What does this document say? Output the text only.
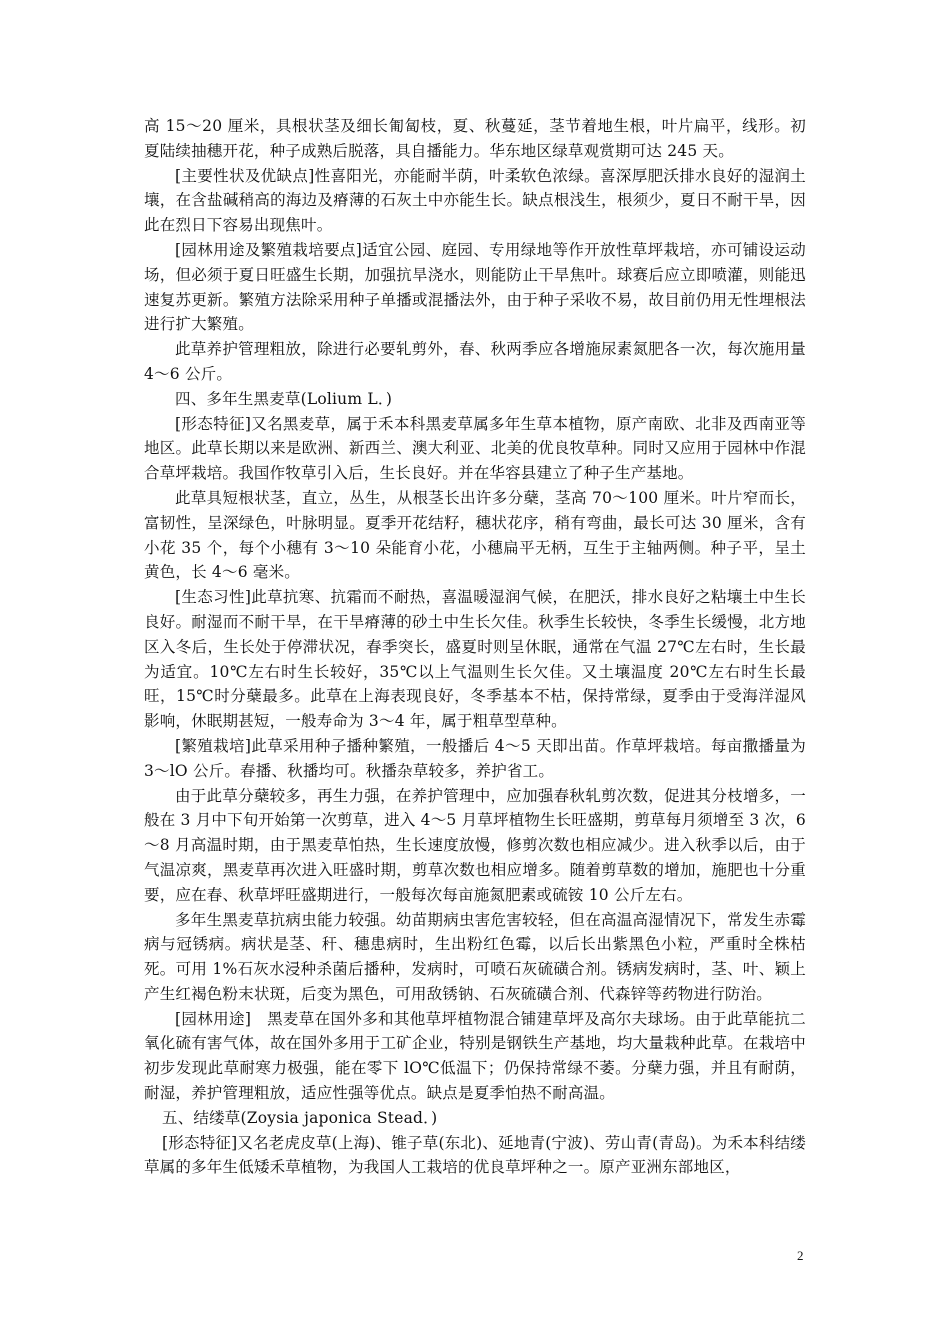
高 15～20 厘米，具根状茎及细长匍匐枝，夏、秋蔓延，茎节着地生根，叶片扁平，线形。初夏陆续抽穗开花，种子成熟后脱落，具自播能力。华东地区绿草观赏期可达 245 天。

[主要性状及优缺点]性喜阳光，亦能耐半荫，叶柔软色浓绿。喜深厚肥沃排水良好的湿润土壤，在含盐碱稍高的海边及瘠薄的石灰土中亦能生长。缺点根浅生，根须少，夏日不耐干旱，因此在烈日下容易出现焦叶。

[园林用途及繁殖栽培要点]适宜公园、庭园、专用绿地等作开放性草坪栽培，亦可铺设运动场，但必须于夏日旺盛生长期，加强抗旱浇水，则能防止干旱焦叶。球赛后应立即喷灌，则能迅速复苏更新。繁殖方法除采用种子单播或混播法外，由于种子采收不易，故目前仍用无性埋根法进行扩大繁殖。

此草养护管理粗放，除进行必要轧剪外，春、秋两季应各增施尿素氮肥各一次，每次施用量 4～6 公斤。

四、多年生黑麦草(Lolium L．)

[形态特征]又名黑麦草，属于禾本科黑麦草属多年生草本植物，原产南欧、北非及西南亚等地区。此草长期以来是欧洲、新西兰、澳大利亚、北美的优良牧草种。同时又应用于园林中作混合草坪栽培。我国作牧草引入后，生长良好。并在华容县建立了种子生产基地。

此草具短根状茎，直立，丛生，从根茎长出许多分蘖，茎高 70～100 厘米。叶片窄而长，富韧性，呈深绿色，叶脉明显。夏季开花结籽，穗状花序，稍有弯曲，最长可达 30 厘米，含有小花 35 个，每个小穗有 3～10 朵能育小花，小穗扁平无柄，互生于主轴两侧。种子平，呈土黄色，长 4～6 毫米。

[生态习性]此草抗寒、抗霜而不耐热，喜温暖湿润气候，在肥沃，排水良好之粘壤土中生长良好。耐湿而不耐干旱，在干旱瘠薄的砂土中生长欠佳。秋季生长较快，冬季生长缓慢，北方地区入冬后，生长处于停滞状况，春季突长，盛夏时则呈休眠，通常在气温 27℃左右时，生长最为适宜。10℃左右时生长较好，35℃以上气温则生长欠佳。又土壤温度 20℃左右时生长最旺，15℃时分蘖最多。此草在上海表现良好，冬季基本不枯，保持常绿，夏季由于受海洋湿风影响，休眠期甚短，一般寿命为 3～4 年，属于粗草型草种。

[繁殖栽培]此草采用种子播种繁殖，一般播后 4～5 天即出苗。作草坪栽培。每亩撒播量为 3～lO 公斤。春播、秋播均可。秋播杂草较多，养护省工。

由于此草分蘖较多，再生力强，在养护管理中，应加强春秋轧剪次数，促进其分枝增多，一般在 3 月中下旬开始第一次剪草，进入 4～5 月草坪植物生长旺盛期，剪草每月须增至 3 次，6～8 月高温时期，由于黑麦草怕热，生长速度放慢，修剪次数也相应减少。进入秋季以后，由于气温凉爽，黑麦草再次进入旺盛时期，剪草次数也相应增多。随着剪草数的增加，施肥也十分重要，应在春、秋草坪旺盛期进行，一般每次每亩施氮肥素或硫铵 10 公斤左右。

多年生黑麦草抗病虫能力较强。幼苗期病虫害危害较轻，但在高温高湿情况下，常发生赤霉病与冠锈病。病状是茎、秆、穗患病时，生出粉红色霉，以后长出紫黑色小粒，严重时全株枯死。可用 1%石灰水浸种杀菌后播种，发病时，可喷石灰硫磺合剂。锈病发病时，茎、叶、颖上产生红褐色粉末状斑，后变为黑色，可用敌锈钠、石灰硫磺合剂、代森锌等药物进行防治。

[园林用途]　黑麦草在国外多和其他草坪植物混合铺建草坪及高尔夫球场。由于此草能抗二氧化硫有害气体，故在国外多用于工矿企业，特别是钢铁生产基地，均大量栽种此草。在栽培中初步发现此草耐寒力极强，能在零下 lO℃低温下；仍保持常绿不萎。分蘖力强，并且有耐荫，耐湿，养护管理粗放，适应性强等优点。缺点是夏季怕热不耐高温。

五、结缕草(Zoysia japonica Stead．)

[形态特征]又名老虎皮草(上海)、锥子草(东北)、延地青(宁波)、劳山青(青岛)。为禾本科结缕草属的多年生低矮禾草植物，为我国人工栽培的优良草坪种之一。原产亚洲东部地区，

2
